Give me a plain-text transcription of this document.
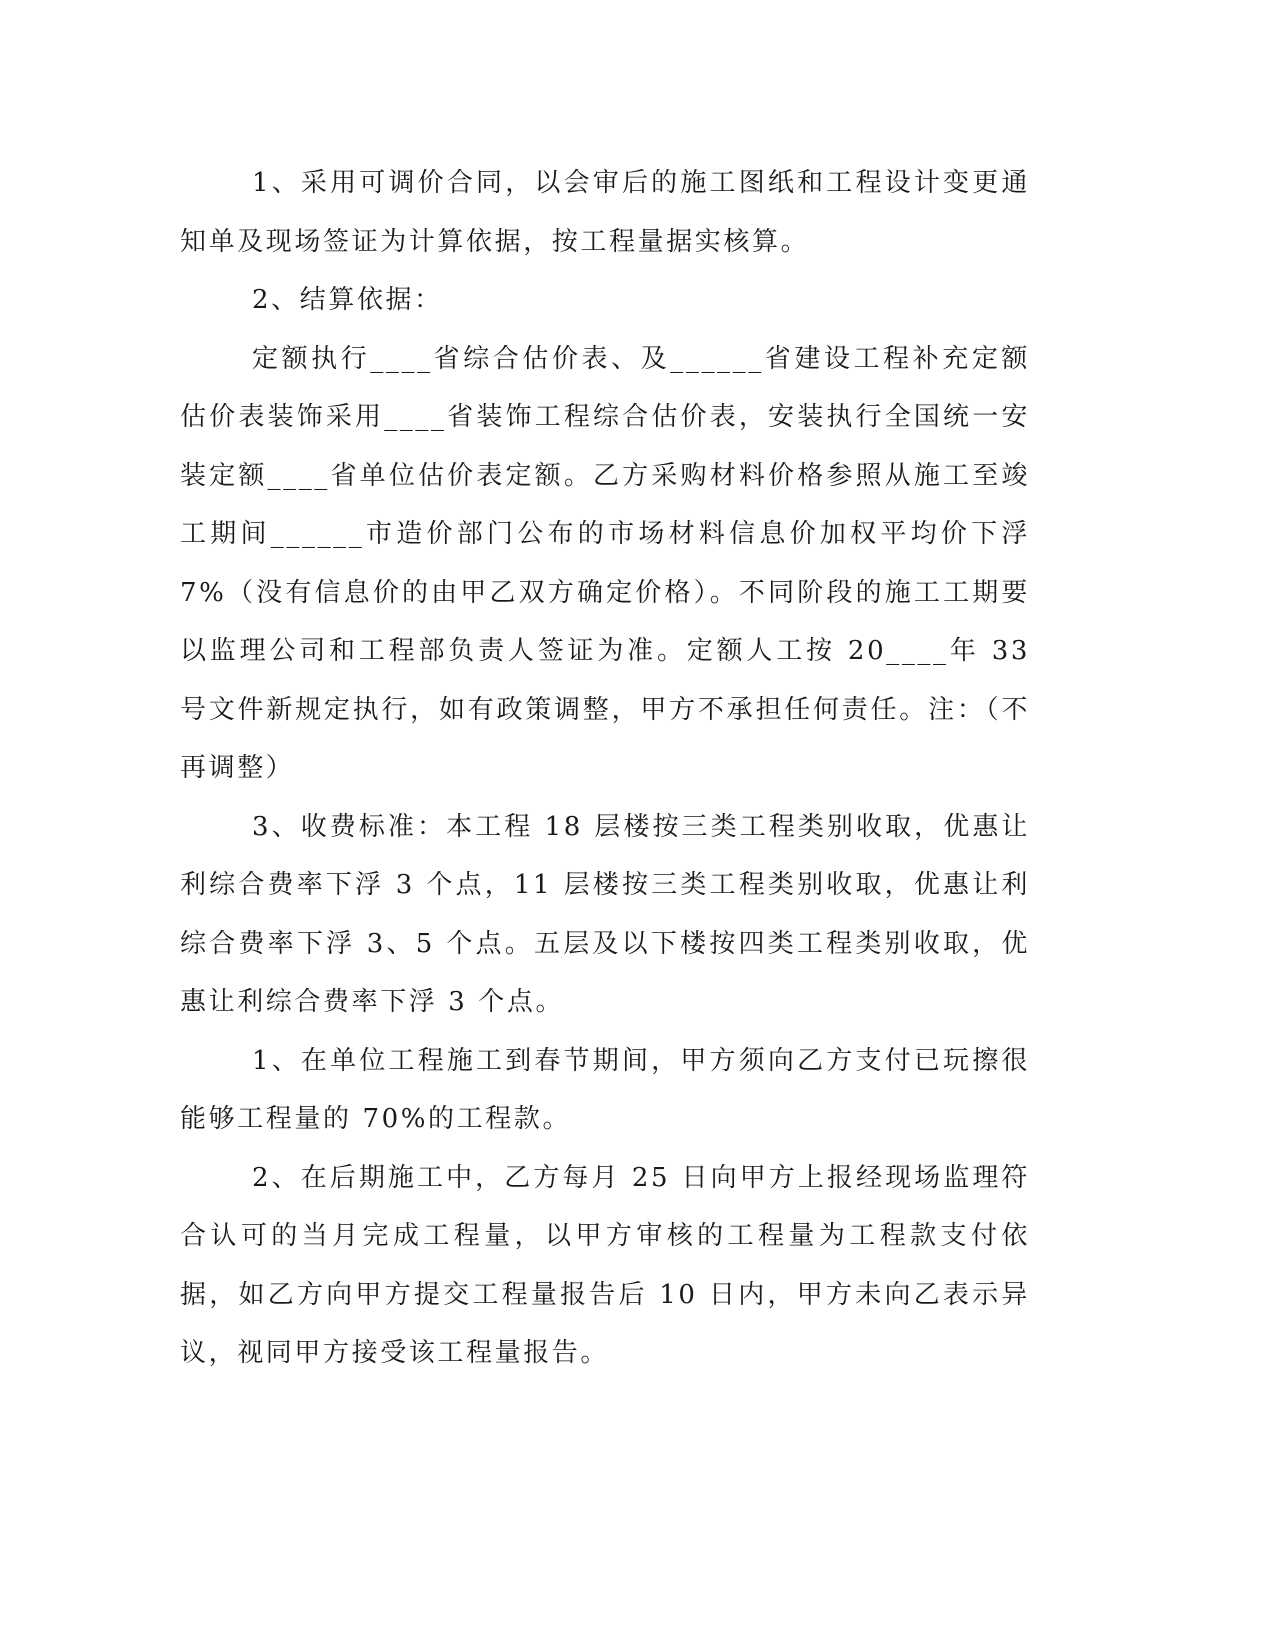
1、采用可调价合同，以会审后的施工图纸和工程设计变更通知单及现场签证为计算依据，按工程量据实核算。

2、结算依据：

定额执行____省综合估价表、及______省建设工程补充定额估价表装饰采用____省装饰工程综合估价表，安装执行全国统一安装定额____省单位估价表定额。乙方采购材料价格参照从施工至竣工期间______市造价部门公布的市场材料信息价加权平均价下浮 7%（没有信息价的由甲乙双方确定价格）。不同阶段的施工工期要以监理公司和工程部负责人签证为准。定额人工按 20____年 33 号文件新规定执行，如有政策调整，甲方不承担任何责任。注：（不再调整）

3、收费标准：本工程 18 层楼按三类工程类别收取，优惠让利综合费率下浮 3 个点，11 层楼按三类工程类别收取，优惠让利综合费率下浮 3、5 个点。五层及以下楼按四类工程类别收取，优惠让利综合费率下浮 3 个点。

1、在单位工程施工到春节期间，甲方须向乙方支付已玩擦很能够工程量的 70%的工程款。

2、在后期施工中，乙方每月 25 日向甲方上报经现场监理符合认可的当月完成工程量，以甲方审核的工程量为工程款支付依据，如乙方向甲方提交工程量报告后 10 日内，甲方未向乙表示异议，视同甲方接受该工程量报告。
